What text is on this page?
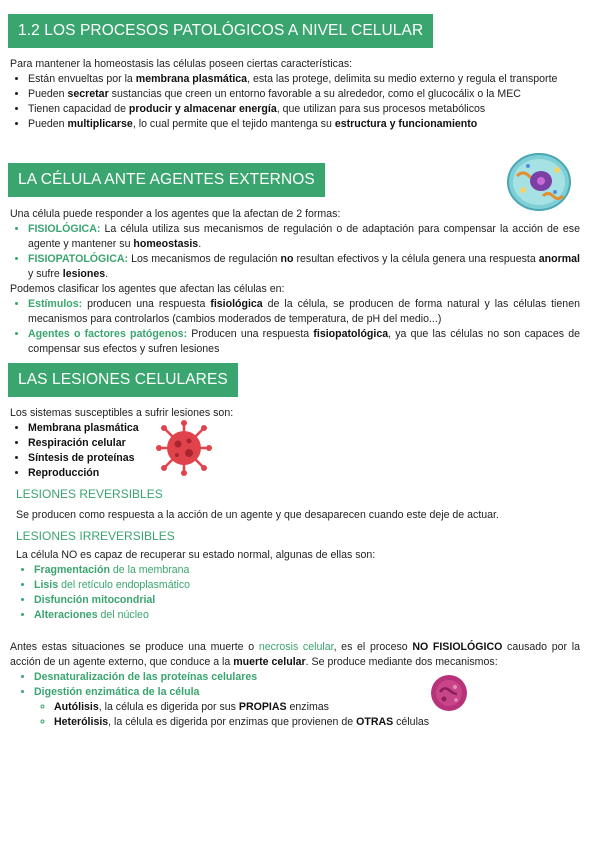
1.2 LOS PROCESOS PATOLÓGICOS A NIVEL CELULAR

Para mantener la homeostasis las células poseen ciertas características:

• Están envueltas por la membrana plasmática, esta las protege, delimita su medio externo y regula el transporte
• Pueden secretar sustancias que creen un entorno favorable a su alrededor, como el glucocálix o la MEC
• Tienen capacidad de producir y almacenar energía, que utilizan para sus procesos metabólicos
• Pueden multiplicarse, lo cual permite que el tejido mantenga su estructura y funcionamiento
LA CÉLULA ANTE AGENTES EXTERNOS

Una célula puede responder a los agentes que la afectan de 2 formas:

• FISIOLÓGICA: La célula utiliza sus mecanismos de regulación o de adaptación para compensar la acción de ese agente y mantener su homeostasis.
• FISIOPATOLÓGICA: Los mecanismos de regulación no resultan efectivos y la célula genera una respuesta anormal y sufre lesiones.

Podemos clasificar los agentes que afectan las células en:

• Estímulos: producen una respuesta fisiológica de la célula, se producen de forma natural y las células tienen mecanismos para controlarlos (cambios moderados de temperatura, de pH del medio...)
• Agentes o factores patógenos: Producen una respuesta fisiopatológica, ya que las células no son capaces de compensar sus efectos y sufren lesiones
LAS LESIONES CELULARES

Los sistemas susceptibles a sufrir lesiones son:

• Membrana plasmática
• Respiración celular
• Síntesis de proteínas
• Reproducción

LESIONES REVERSIBLES

Se producen como respuesta a la acción de un agente y que desaparecen cuando este deje de actuar.

LESIONES IRREVERSIBLES

La célula NO es capaz de recuperar su estado normal, algunas de ellas son:

• Fragmentación de la membrana
• Lisis del retículo endoplasmático
• Disfunción mitocondrial
• Alteraciones del núcleo

Antes estas situaciones se produce una muerte o necrosis celular, es el proceso NO FISIOLÓGICO causado por la acción de un agente externo, que conduce a la muerte celular. Se produce mediante dos mecanismos:

• Desnaturalización de las proteínas celulares
• Digestión enzimática de la célula
◦ Autólisis, la célula es digerida por sus PROPIAS enzimas
◦ Heterólisis, la célula es digerida por enzimas que provienen de OTRAS células
